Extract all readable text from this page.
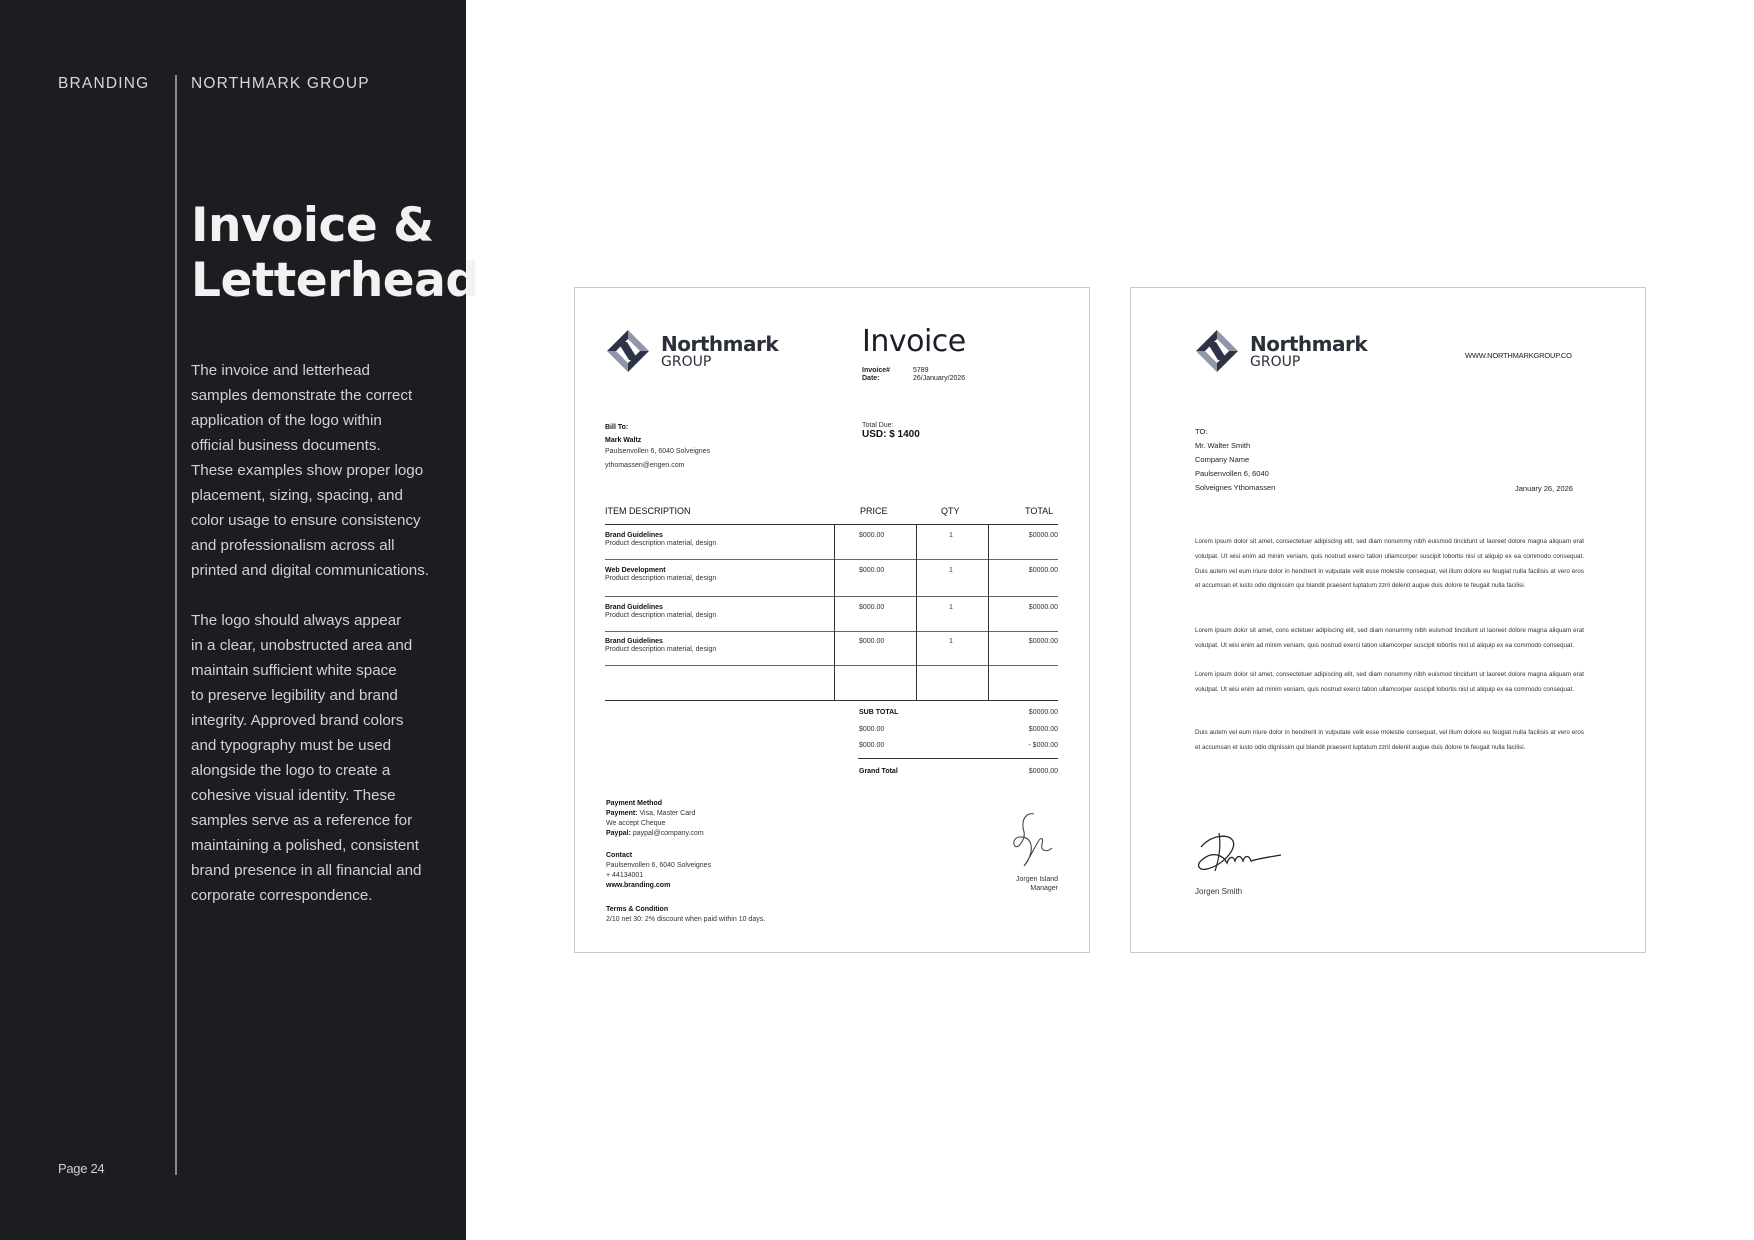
BRANDING	NORTHMARK GROUP
Invoice &
Letterhead
The invoice and letterhead
samples demonstrate the correct
application of the logo within
official business documents.
These examples show proper logo
placement, sizing, spacing, and
color usage to ensure consistency
and professionalism across all
printed and digital communications.
The logo should always appear
in a clear, unobstructed area and
maintain sufficient white space
to preserve legibility and brand
integrity. Approved brand colors
and typography must be used
alongside the logo to create a
cohesive visual identity. These
samples serve as a reference for
maintaining a polished, consistent
brand presence in all financial and
corporate correspondence.
Page 24
Northmark
GROUP
Invoice
Invoice#	5789
Date:	26/January/2026
Bill To:
Mark Waltz
Paulsenvollen 6, 6040 Solveignes
ythomassen@engen.com
Total Due:
USD: $ 1400
ITEM DESCRIPTION	PRICE	QTY	TOTAL
Brand Guidelines
Product description material, design
$000.00	1	$0000.00
Web Development
Product description material, design
$000.00	1	$0000.00
Brand Guidelines
Product description material, design
$000.00	1	$0000.00
Brand Guidelines
Product description material, design
$000.00	1	$0000.00
SUB TOTAL	$0000.00
$000.00	$0000.00
$000.00	- $000.00
Grand Total	$0000.00
Payment Method
Payment: Visa, Master Card
We accept Cheque
Paypal: paypal@company.com
Contact
Paulsenvollen 6, 6040 Solveignes
+ 44134001
www.branding.com
Terms & Condition
2/10 net 30: 2% discount when paid within 10 days.
Jorgen Island
Manager
Northmark
GROUP	WWW.NORTHMARKGROUP.CO
TO:
Mr. Walter Smith
Company Name
Paulsenvollen 6, 6040
Solveignes Ythomassen	January 26, 2026
Lorem ipsum dolor sit amet, consectetuer adipiscing elit, sed diam nonummy nibh euismod tincidunt ut laoreet dolore magna aliquam erat volutpat. Ut wisi enim ad minim veniam, quis nostrud exerci tation ullamcorper suscipit lobortis nisl ut aliquip ex ea commodo consequat. Duis autem vel eum iriure dolor in hendrerit in vulputate velit esse molestie consequat, vel illum dolore eu feugiat nulla facilisis at vero eros et accumsan et iusto odio dignissim qui blandit praesent luptatum zzril delenit augue duis dolore te feugait nulla facilisi.
Lorem ipsum dolor sit amet, cons ectetuer adipiscing elit, sed diam nonummy nibh euismod tincidunt ut laoreet dolore magna aliquam erat volutpat. Ut wisi enim ad minim veniam, quis nostrud exerci tation ullamcorper suscipit lobortis nisl ut aliquip ex ea commodo consequat.
Lorem ipsum dolor sit amet, consectetuer adipiscing elit, sed diam nonummy nibh euismod tincidunt ut laoreet dolore magna aliquam erat volutpat. Ut wisi enim ad minim veniam, quis nostrud exerci tation ullamcorper suscipit lobortis nisl ut aliquip ex ea commodo consequat.
Duis autem vel eum iriure dolor in hendrerit in vulputate velit esse molestie consequat, vel illum dolore eu feugiat nulla facilisis at vero eros et accumsan et iusto odio dignissim qui blandit praesent luptatum zzril delenit augue duis dolore te feugait nulla facilisi.
Jorgen Smith
